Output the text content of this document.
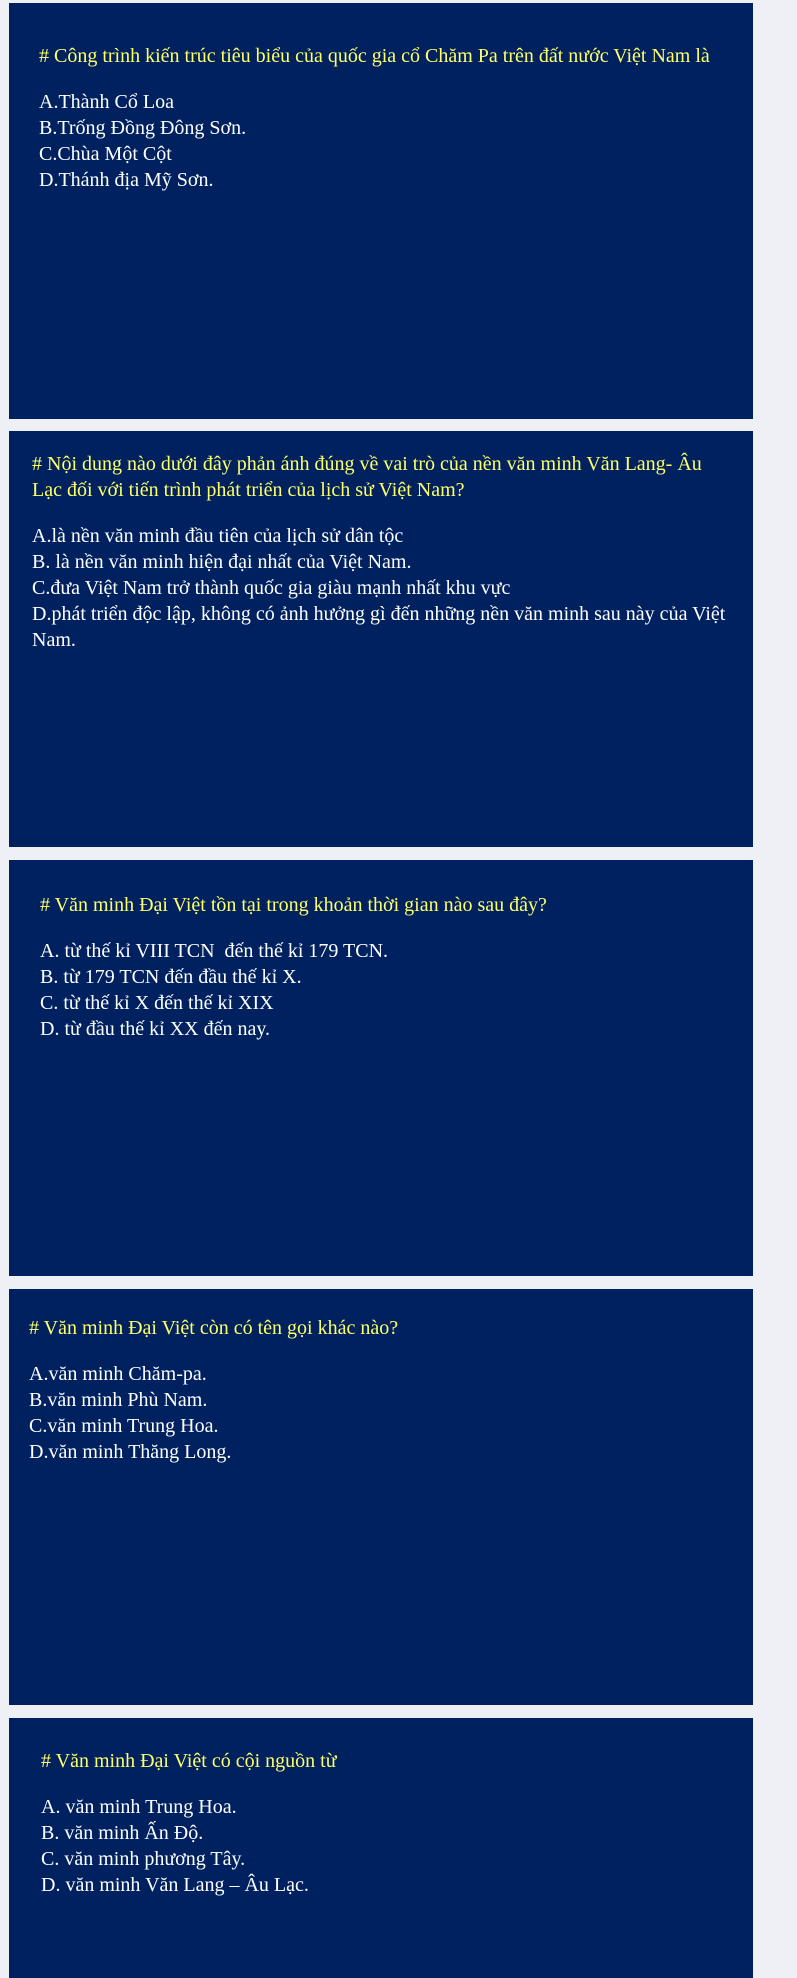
# Công trình kiến trúc tiêu biểu của quốc gia cổ Chăm Pa trên đất nước Việt Nam là

A.Thành Cổ Loa
B.Trống Đồng Đông Sơn.
C.Chùa Một Cột
D.Thánh địa Mỹ Sơn.

# Nội dung nào dưới đây phản ánh đúng về vai trò của nền văn minh Văn Lang- Âu Lạc đối với tiến trình phát triển của lịch sử Việt Nam?

A.là nền văn minh đầu tiên của lịch sử dân tộc
B. là nền văn minh hiện đại nhất của Việt Nam.
C.đưa Việt Nam trở thành quốc gia giàu mạnh nhất khu vực
D.phát triển độc lập, không có ảnh hưởng gì đến những nền văn minh sau này của Việt Nam.

# Văn minh Đại Việt tồn tại trong khoản thời gian nào sau đây?

A. từ thế kỉ VIII TCN  đến thế kỉ 179 TCN.
B. từ 179 TCN đến đầu thế kỉ X.
C. từ thế kỉ X đến thế kỉ XIX
D. từ đầu thế kỉ XX đến nay.

# Văn minh Đại Việt còn có tên gọi khác nào?

A.văn minh Chăm-pa.
B.văn minh Phù Nam.
C.văn minh Trung Hoa.
D.văn minh Thăng Long.

# Văn minh Đại Việt có cội nguồn từ

A. văn minh Trung Hoa.
B. văn minh Ấn Độ.
C. văn minh phương Tây.
D. văn minh Văn Lang – Âu Lạc.
